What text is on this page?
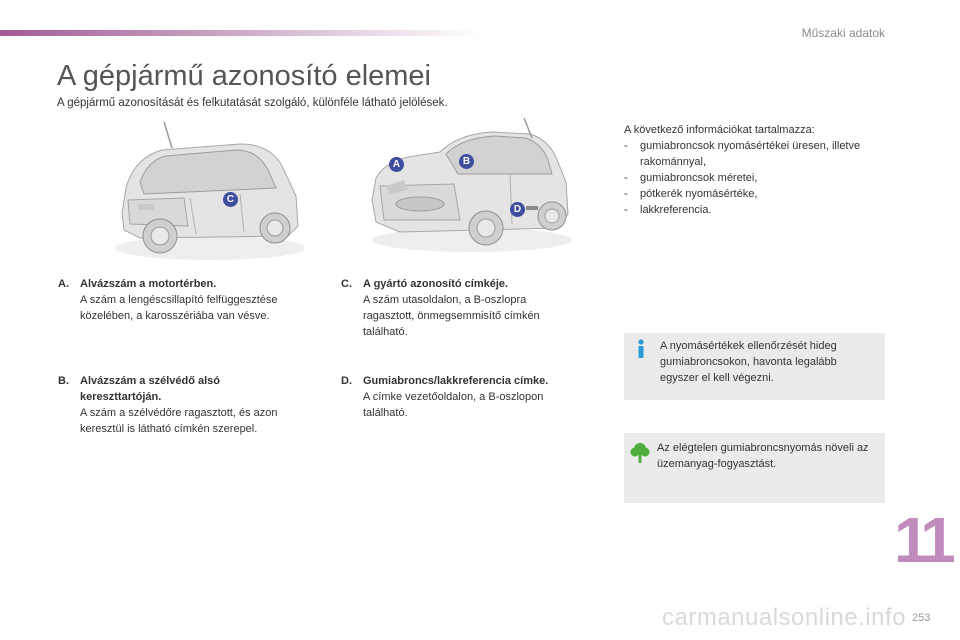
Műszaki adatok
A gépjármű azonosító elemei

A gépjármű azonosítását és felkutatását szolgáló, különféle látható jelölések.

C
A	B
D
A. Alvázszám a motortérben.
A szám a lengéscsillapító felfüggesztése közelében, a karosszériába van vésve.
B. Alvázszám a szélvédő alsó kereszttartóján.
A szám a szélvédőre ragasztott, és azon keresztül is látható címkén szerepel.
C. A gyártó azonosító címkéje.
A szám utasoldalon, a B-oszlopra ragasztott, önmegsemmisítő címkén található.
D. Gumiabroncs/lakkreferencia címke.
A címke vezetőoldalon, a B-oszlopon található.
A következő információkat tartalmazza:
- gumiabroncsok nyomásértékei üresen, illetve rakománnyal,
- gumiabroncsok méretei,
- pótkerék nyomásértéke,
- lakkreferencia.
A nyomásértékek ellenőrzését hideg gumiabroncsokon, havonta legalább egyszer el kell végezni.
Az elégtelen gumiabroncsnyomás növeli az üzemanyag-fogyasztást.
11
253
carmanualsonline.info
